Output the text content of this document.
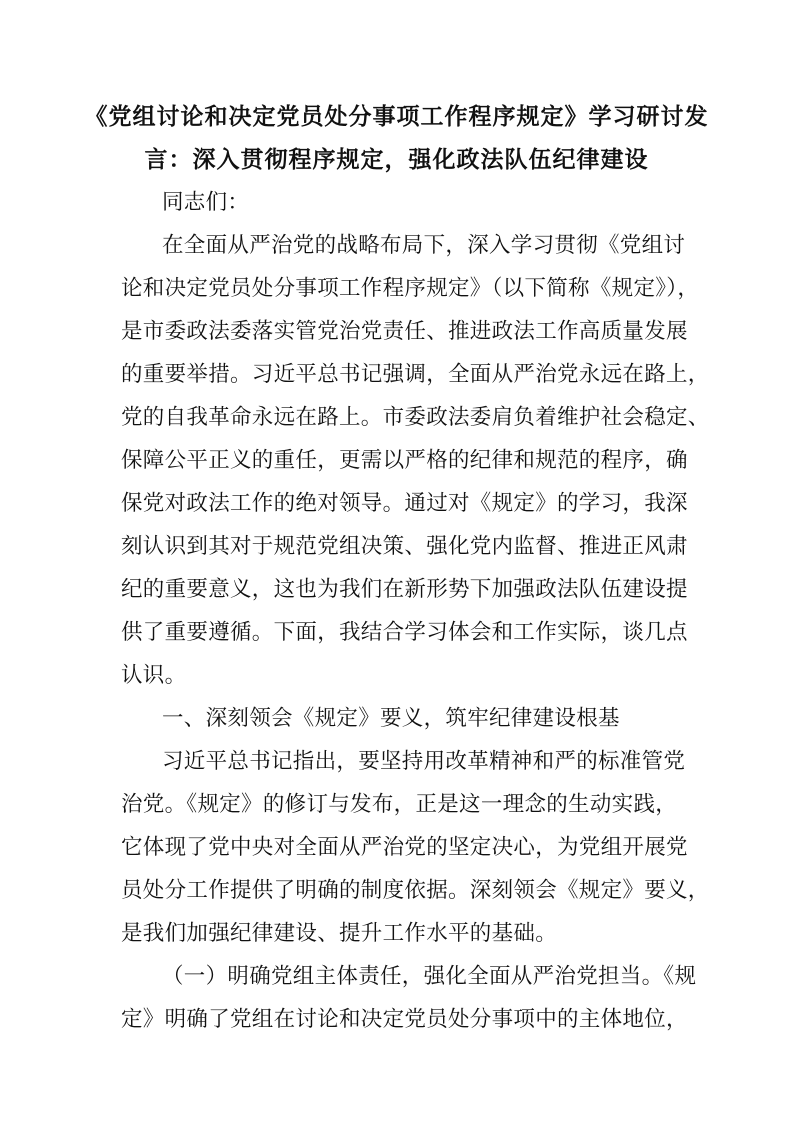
《党组讨论和决定党员处分事项工作程序规定》学习研讨发
言：深入贯彻程序规定，强化政法队伍纪律建设
同志们：
在全面从严治党的战略布局下，深入学习贯彻《党组讨
论和决定党员处分事项工作程序规定》（以下简称《规定》），
是市委政法委落实管党治党责任、推进政法工作高质量发展
的重要举措。习近平总书记强调，全面从严治党永远在路上，
党的自我革命永远在路上。市委政法委肩负着维护社会稳定、
保障公平正义的重任，更需以严格的纪律和规范的程序，确
保党对政法工作的绝对领导。通过对《规定》的学习，我深
刻认识到其对于规范党组决策、强化党内监督、推进正风肃
纪的重要意义，这也为我们在新形势下加强政法队伍建设提
供了重要遵循。下面，我结合学习体会和工作实际，谈几点
认识。
一、深刻领会《规定》要义，筑牢纪律建设根基
习近平总书记指出，要坚持用改革精神和严的标准管党
治党。《规定》的修订与发布，正是这一理念的生动实践，
它体现了党中央对全面从严治党的坚定决心，为党组开展党
员处分工作提供了明确的制度依据。深刻领会《规定》要义，
是我们加强纪律建设、提升工作水平的基础。
（一）明确党组主体责任，强化全面从严治党担当。《规
定》明确了党组在讨论和决定党员处分事项中的主体地位，
